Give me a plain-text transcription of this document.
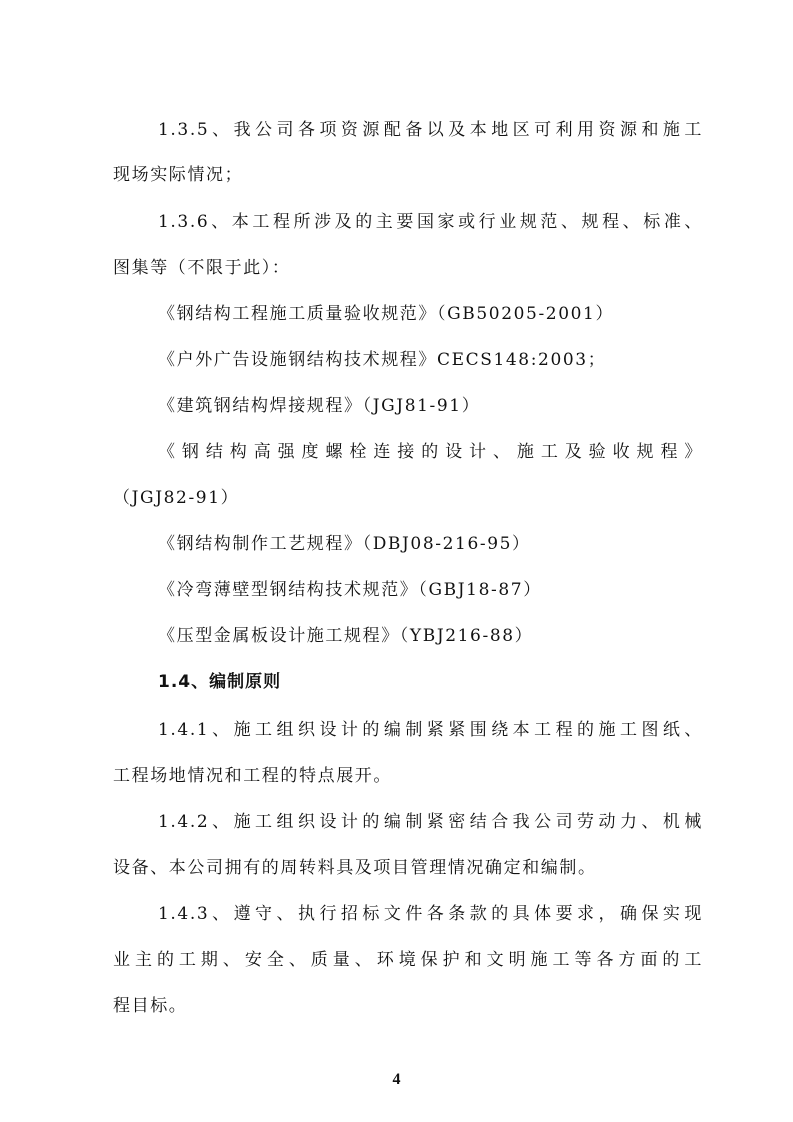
1.3.5、我公司各项资源配备以及本地区可利用资源和施工
现场实际情况；
1.3.6、本工程所涉及的主要国家或行业规范、规程、标准、
图集等（不限于此）：
《钢结构工程施工质量验收规范》（GB50205-2001）
《户外广告设施钢结构技术规程》CECS148:2003；
《建筑钢结构焊接规程》（JGJ81-91）
《钢结构高强度螺栓连接的设计、施工及验收规程》
（JGJ82-91）
《钢结构制作工艺规程》（DBJ08-216-95）
《冷弯薄壁型钢结构技术规范》（GBJ18-87）
《压型金属板设计施工规程》（YBJ216-88）
1.4、编制原则
1.4.1、施工组织设计的编制紧紧围绕本工程的施工图纸、
工程场地情况和工程的特点展开。
1.4.2、施工组织设计的编制紧密结合我公司劳动力、机械
设备、本公司拥有的周转料具及项目管理情况确定和编制。
1.4.3、遵守、执行招标文件各条款的具体要求，确保实现
业主的工期、安全、质量、环境保护和文明施工等各方面的工
程目标。
4
